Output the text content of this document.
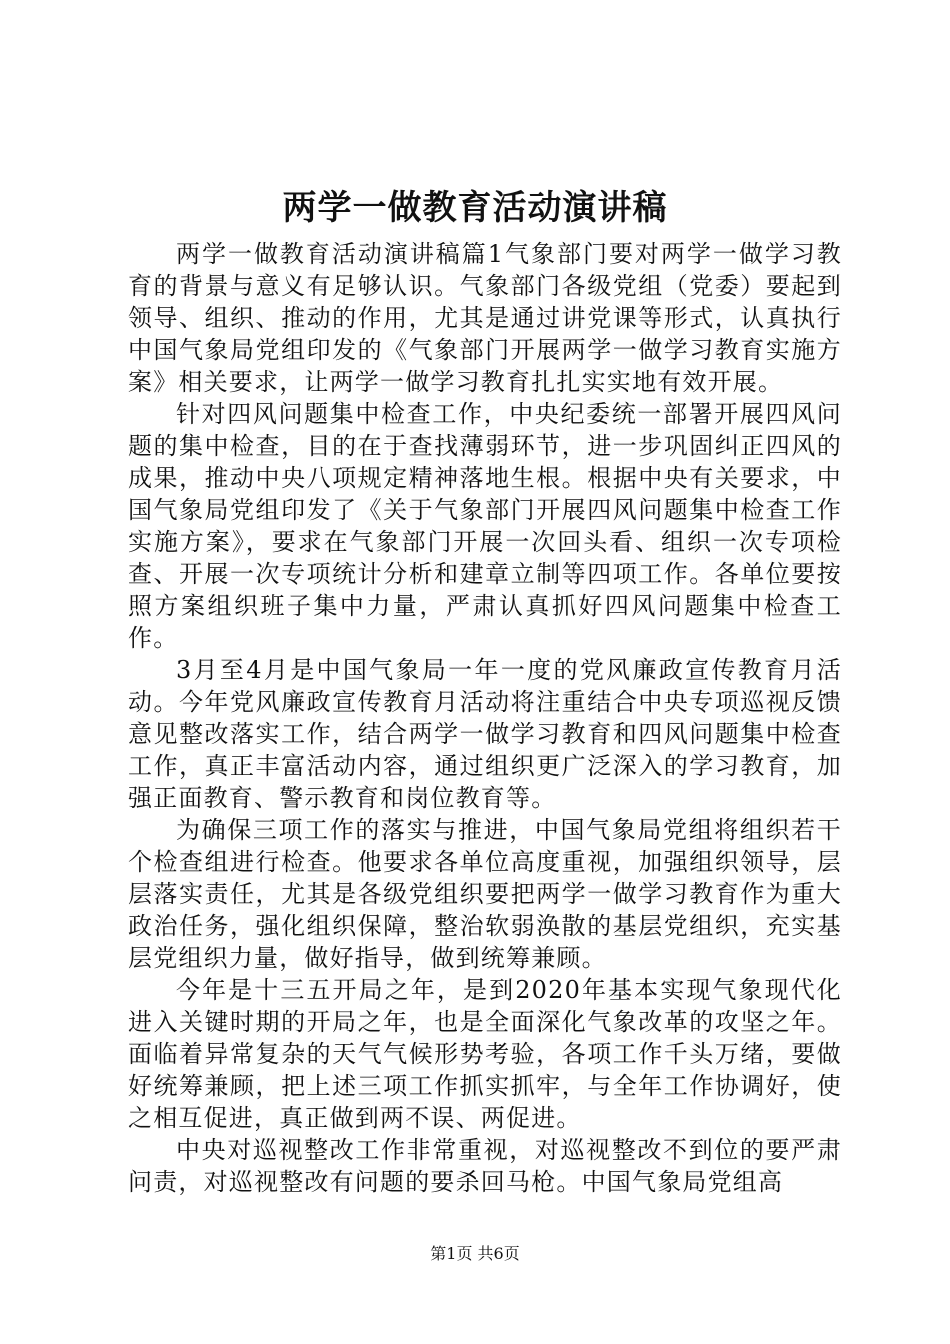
两学一做教育活动演讲稿

两学一做教育活动演讲稿篇1气象部门要对两学一做学习教育的背景与意义有足够认识。气象部门各级党组（党委）要起到领导、组织、推动的作用，尤其是通过讲党课等形式，认真执行中国气象局党组印发的《气象部门开展两学一做学习教育实施方案》相关要求，让两学一做学习教育扎扎实实地有效开展。

针对四风问题集中检查工作，中央纪委统一部署开展四风问题的集中检查，目的在于查找薄弱环节，进一步巩固纠正四风的成果，推动中央八项规定精神落地生根。根据中央有关要求，中国气象局党组印发了《关于气象部门开展四风问题集中检查工作实施方案》，要求在气象部门开展一次回头看、组织一次专项检查、开展一次专项统计分析和建章立制等四项工作。各单位要按照方案组织班子集中力量，严肃认真抓好四风问题集中检查工作。

3月至4月是中国气象局一年一度的党风廉政宣传教育月活动。今年党风廉政宣传教育月活动将注重结合中央专项巡视反馈意见整改落实工作，结合两学一做学习教育和四风问题集中检查工作，真正丰富活动内容，通过组织更广泛深入的学习教育，加强正面教育、警示教育和岗位教育等。

为确保三项工作的落实与推进，中国气象局党组将组织若干个检查组进行检查。他要求各单位高度重视，加强组织领导，层层落实责任，尤其是各级党组织要把两学一做学习教育作为重大政治任务，强化组织保障，整治软弱涣散的基层党组织，充实基层党组织力量，做好指导，做到统筹兼顾。

今年是十三五开局之年，是到2020年基本实现气象现代化进入关键时期的开局之年，也是全面深化气象改革的攻坚之年。面临着异常复杂的天气气候形势考验，各项工作千头万绪，要做好统筹兼顾，把上述三项工作抓实抓牢，与全年工作协调好，使之相互促进，真正做到两不误、两促进。

中央对巡视整改工作非常重视，对巡视整改不到位的要严肃问责，对巡视整改有问题的要杀回马枪。中国气象局党组高

第1页 共6页
